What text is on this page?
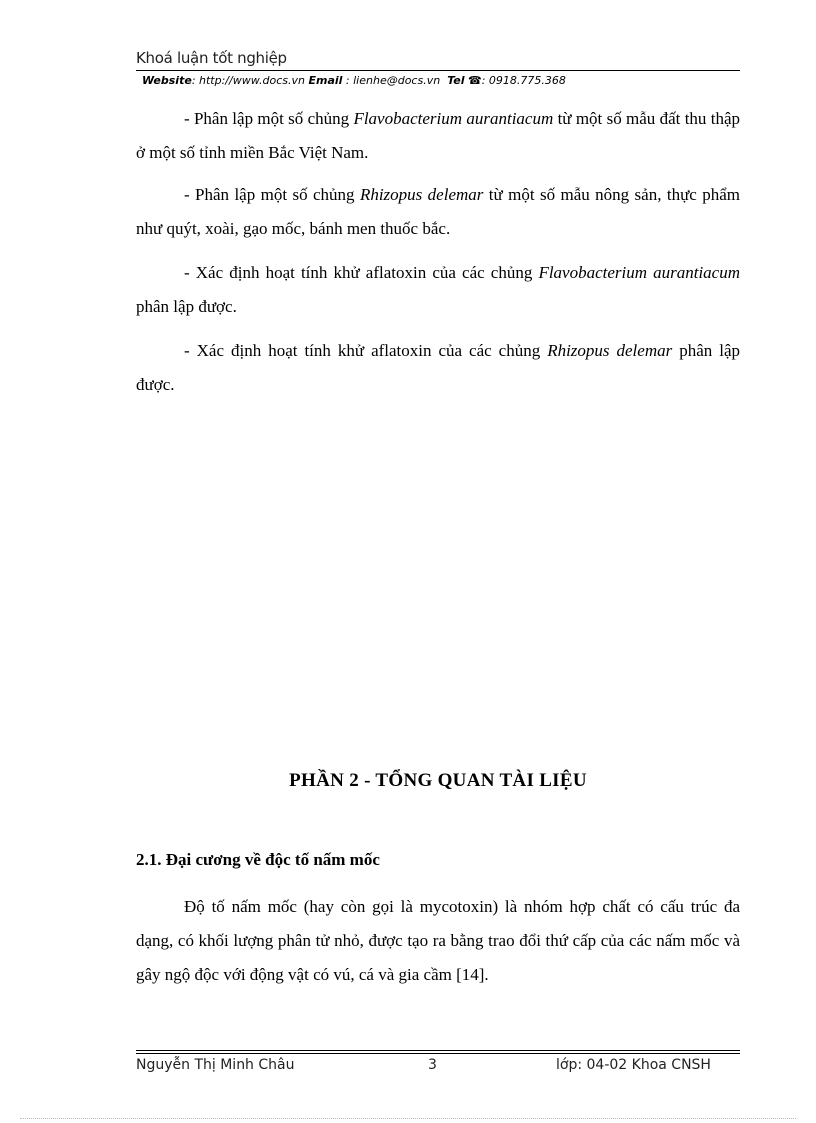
Khoá luận tốt nghiệp
Website: http://www.docs.vn Email : lienhe@docs.vn Tel ☎: 0918.775.368

- Phân lập một số chủng Flavobacterium aurantiacum từ một số mẫu đất thu thập ở một số tỉnh miền Bắc Việt Nam.

- Phân lập một số chủng Rhizopus delemar từ một số mẫu nông sản, thực phẩm như quýt, xoài, gạo mốc, bánh men thuốc bắc.

- Xác định hoạt tính khử aflatoxin của các chủng Flavobacterium aurantiacum phân lập được.

- Xác định hoạt tính khử aflatoxin của các chủng Rhizopus delemar phân lập được.

PHẦN 2 - TỔNG QUAN TÀI LIỆU
2.1. Đại cương về độc tố nấm mốc

Độ tố nấm mốc (hay còn gọi là mycotoxin) là nhóm hợp chất có cấu trúc đa dạng, có khối lượng phân tử nhỏ, được tạo ra bằng trao đổi thứ cấp của các nấm mốc và gây ngộ độc với động vật có vú, cá và gia cầm [14].

Nguyễn Thị Minh Châu	3	lớp: 04-02 Khoa CNSH
